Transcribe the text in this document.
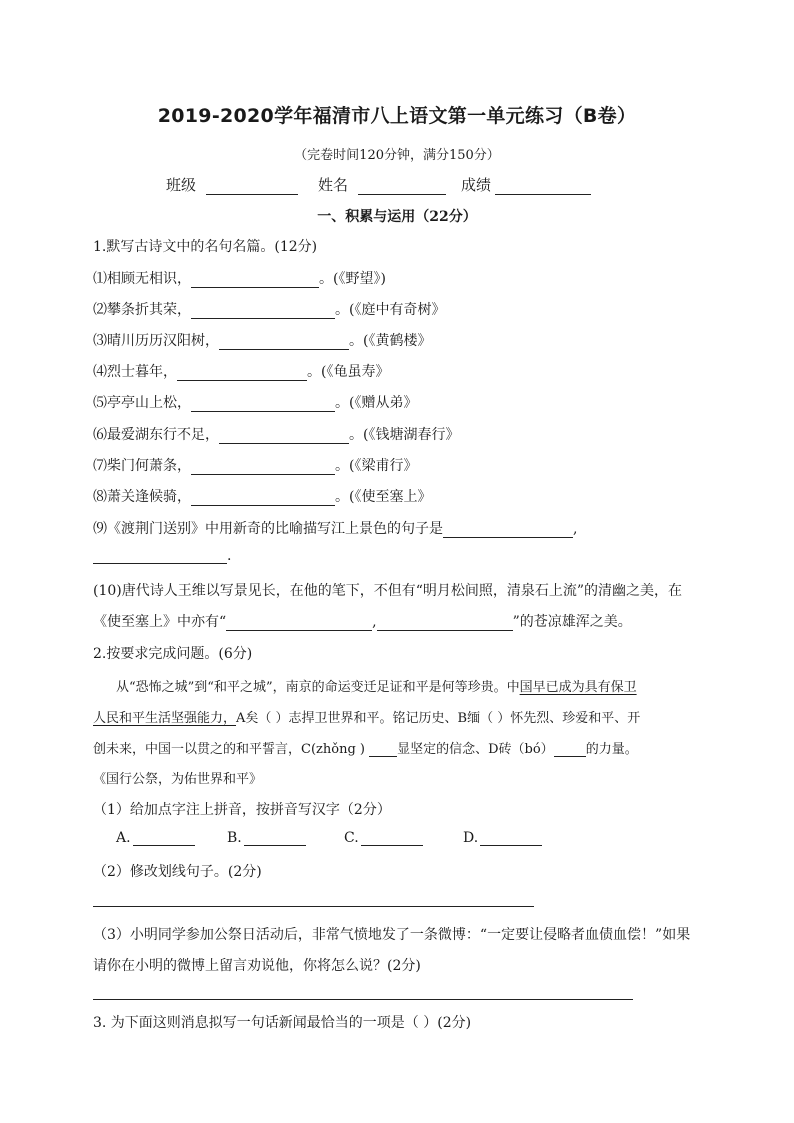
2019-2020学年福清市八上语文第一单元练习（B卷）
（完卷时间120分钟，满分150分）
班级	姓名	成绩
一、积累与运用（22分）
1.默写古诗文中的名句名篇。(12分)
⑴相顾无相识，	。(《野望》)
⑵攀条折其荣，	。(《庭中有奇树》
⑶晴川历历汉阳树，	。(《黄鹤楼》
⑷烈士暮年，	。(《龟虽寿》
⑸亭亭山上松，	。(《赠从弟》
⑹最爱湖东行不足，	。(《钱塘湖春行》
⑺柴门何萧条，	。(《梁甫行》
⑻萧关逢候骑，	。(《使至塞上》
⑼《渡荆门送别》中用新奇的比喻描写江上景色的句子是	,
.
(10)唐代诗人王维以写景见长，在他的笔下，不但有“明月松间照，清泉石上流”的清幽之美，在
《使至塞上》中亦有“	,	”的苍凉雄浑之美。
2.按要求完成问题。(6分)
从“恐怖之城”到“和平之城”，南京的命运变迁足证和平是何等珍贵。中国早已成为具有保卫
人民和平生活坚强能力，A矣（ ）志捍卫世界和平。铭记历史、B缅（ ）怀先烈、珍爱和平、开
创未来，中国一以贯之的和平誓言，C(zhǒng ) 显坚定的信念、D砖（bó） 的力量。
《国行公祭，为佑世界和平》
（1）给加点字注上拼音，按拼音写汉字（2分）
A.	B.	C.	D.
（2）修改划线句子。(2分)
（3）小明同学参加公祭日活动后，非常气愤地发了一条微博：“一定要让侵略者血债血偿！”如果
请你在小明的微博上留言劝说他，你将怎么说？(2分)
3. 为下面这则消息拟写一句话新闻最恰当的一项是（ ）(2分)
